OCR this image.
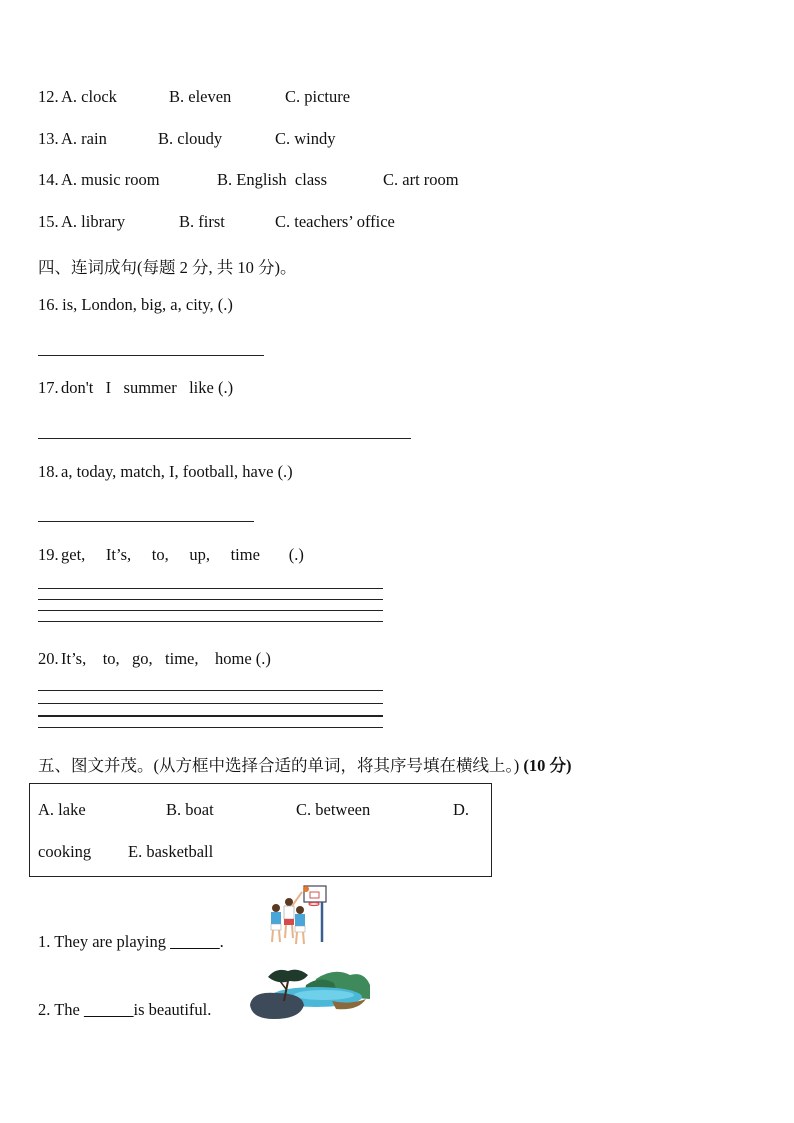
12. A. clock	B. eleven	C. picture
13. A. rain	B. cloudy	C. windy
14. A. music room	B. English  class	C. art room
15. A. library	B. first	C. teachers’ office
四、连词成句(每题 2 分, 共 10 分)。
16. is, London, big, a, city, (.)
17. don't   I   summer   like (.)
18. a, today, match, I, football, have (.)
19. get,     It’s,     to,     up,     time       (.)
20. It’s,    to,   go,   time,    home (.)
五、图文并茂。(从方框中选择合适的单词，将其序号填在横线上。) (10 分)
A. lake	B. boat	C. between	D.
cooking E. basketball
1. They are playing ______.
2. The ______is beautiful.
